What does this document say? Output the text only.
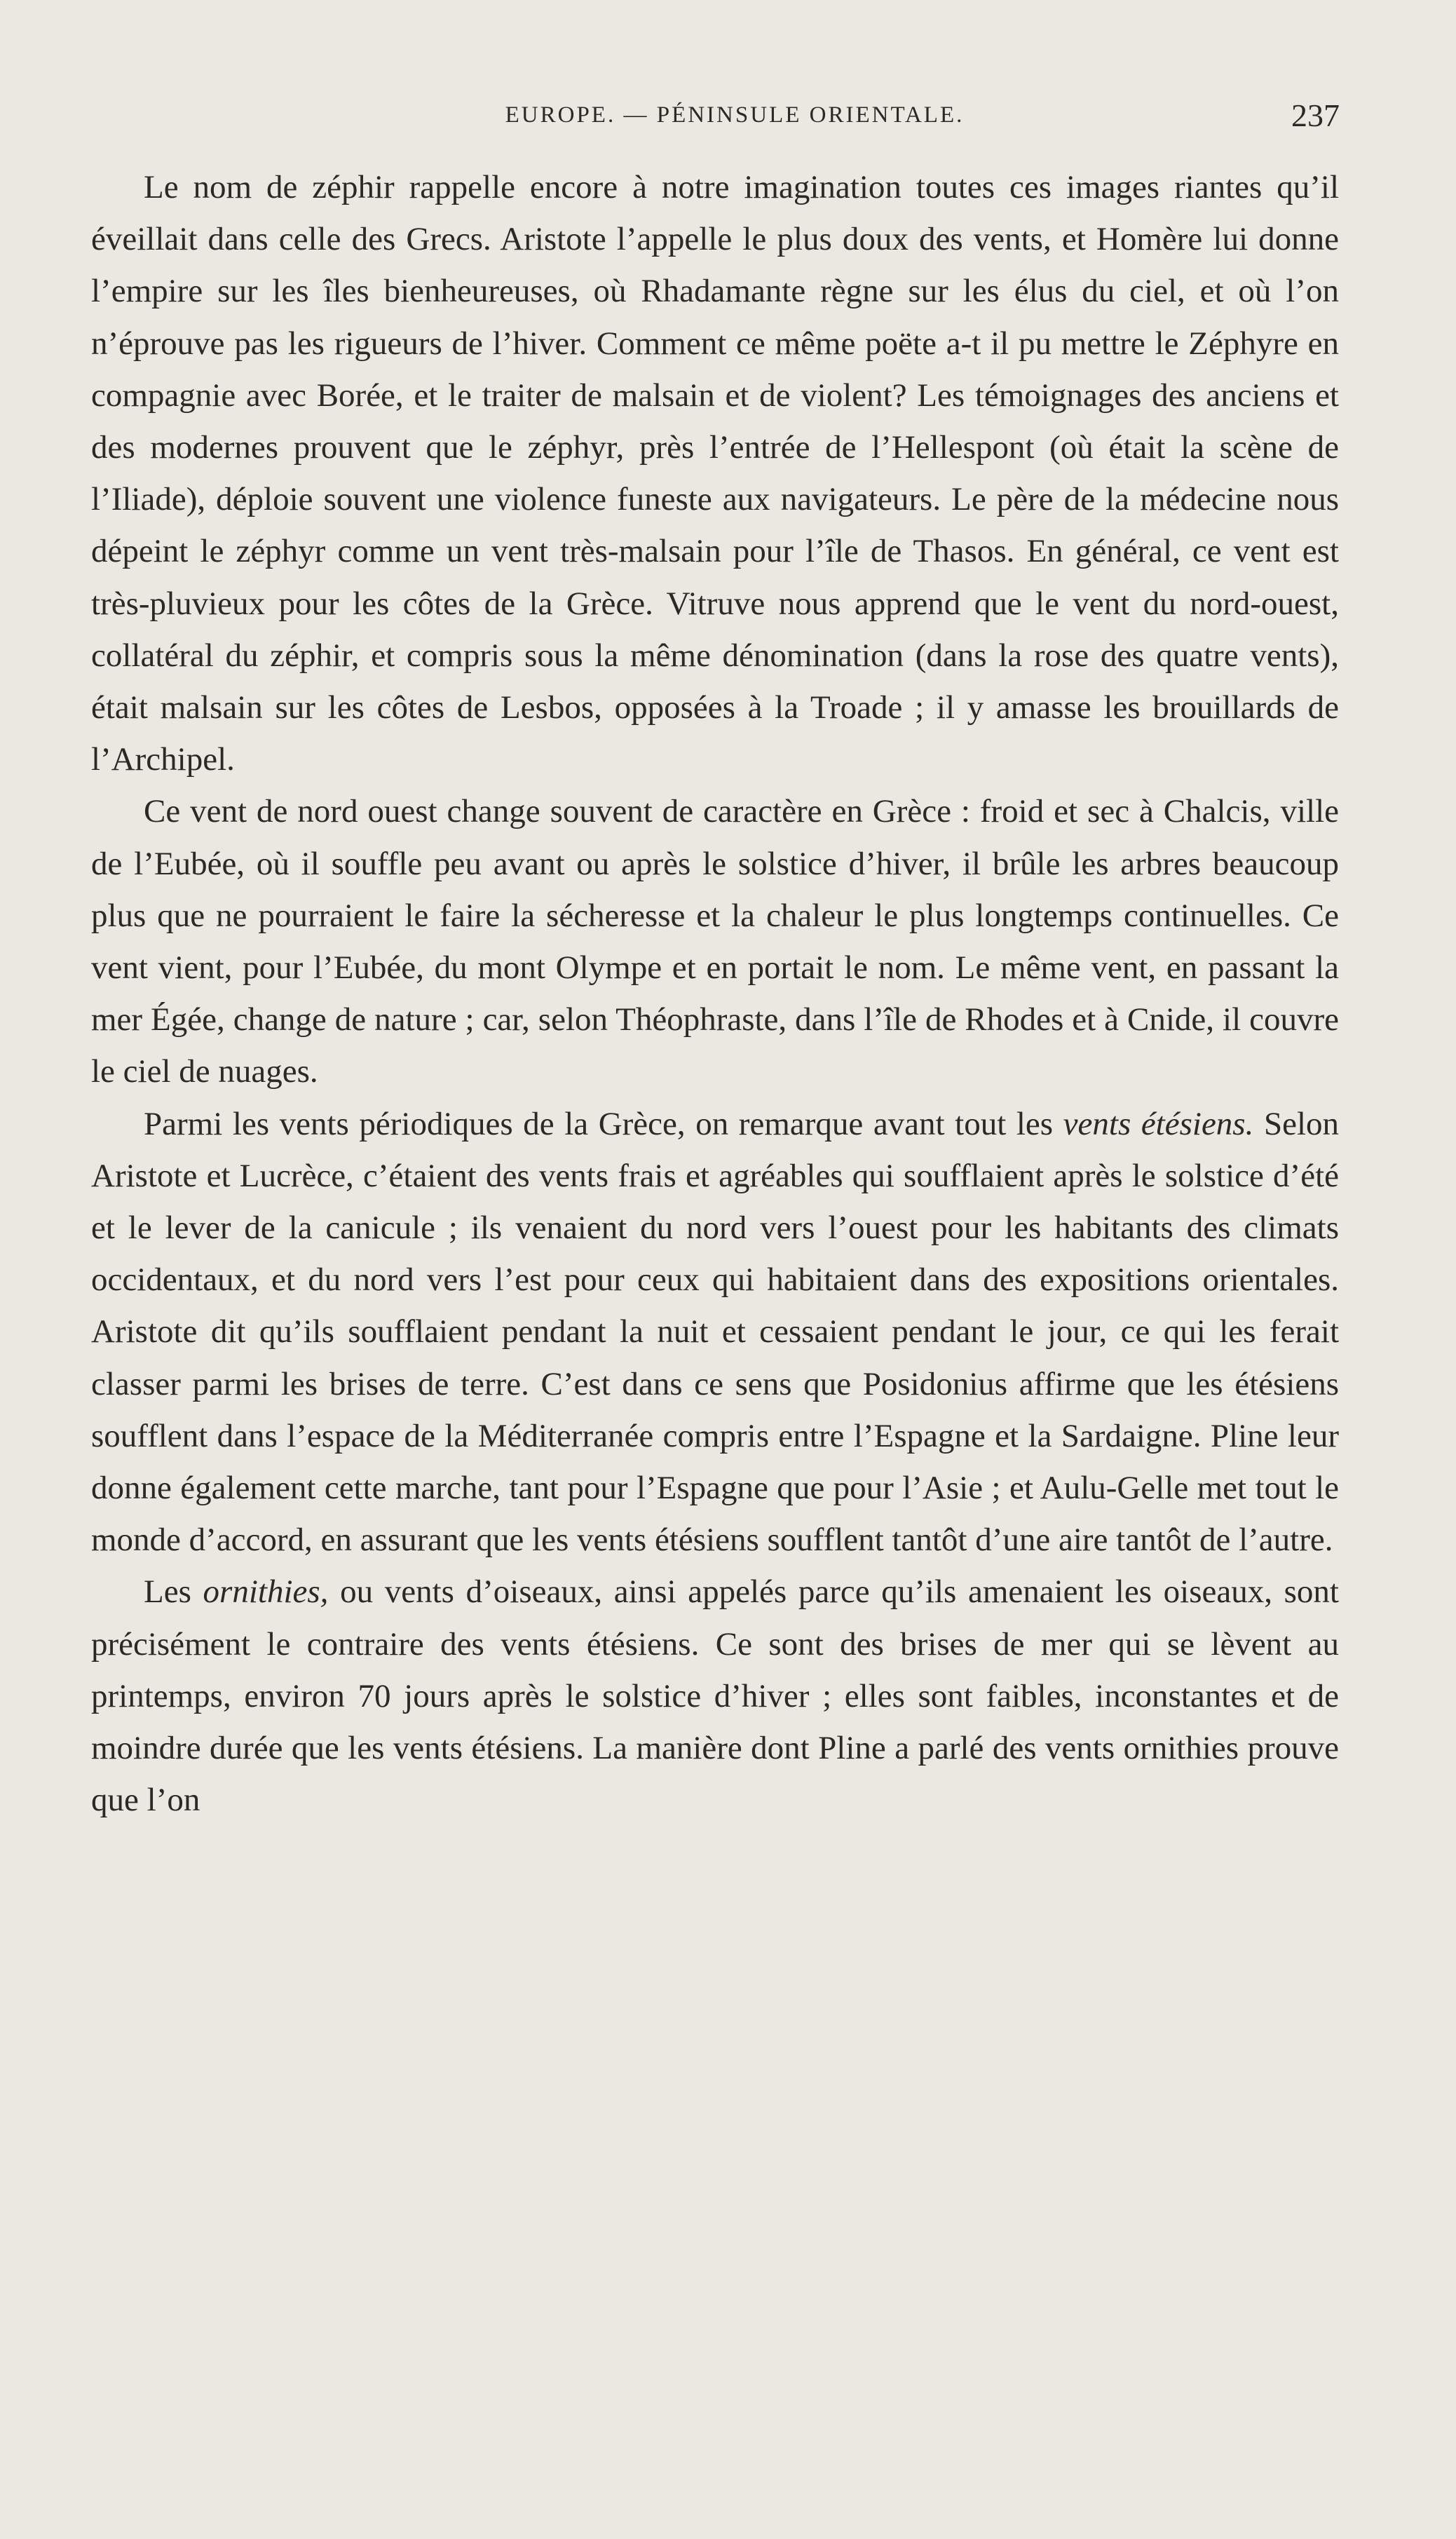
EUROPE. — PÉNINSULE ORIENTALE.	237

Le nom de zéphir rappelle encore à notre imagination toutes ces images riantes qu’il éveillait dans celle des Grecs. Aristote l’appelle le plus doux des vents, et Homère lui donne l’empire sur les îles bienheureuses, où Rhadamante règne sur les élus du ciel, et où l’on n’éprouve pas les rigueurs de l’hiver. Comment ce même poëte a-t il pu mettre le Zéphyre en compagnie avec Borée, et le traiter de malsain et de violent? Les témoignages des anciens et des modernes prouvent que le zéphyr, près l’entrée de l’Hellespont (où était la scène de l’Iliade), déploie souvent une violence funeste aux navigateurs. Le père de la médecine nous dépeint le zéphyr comme un vent très-malsain pour l’île de Thasos. En général, ce vent est très-pluvieux pour les côtes de la Grèce. Vitruve nous apprend que le vent du nord-ouest, collatéral du zéphir, et compris sous la même dénomination (dans la rose des quatre vents), était malsain sur les côtes de Lesbos, opposées à la Troade ; il y amasse les brouillards de l’Archipel.

Ce vent de nord ouest change souvent de caractère en Grèce : froid et sec à Chalcis, ville de l’Eubée, où il souffle peu avant ou après le solstice d’hiver, il brûle les arbres beaucoup plus que ne pourraient le faire la sécheresse et la chaleur le plus longtemps continuelles. Ce vent vient, pour l’Eubée, du mont Olympe et en portait le nom. Le même vent, en passant la mer Égée, change de nature ; car, selon Théophraste, dans l’île de Rhodes et à Cnide, il couvre le ciel de nuages.

Parmi les vents périodiques de la Grèce, on remarque avant tout les vents étésiens. Selon Aristote et Lucrèce, c’étaient des vents frais et agréables qui soufflaient après le solstice d’été et le lever de la canicule ; ils venaient du nord vers l’ouest pour les habitants des climats occidentaux, et du nord vers l’est pour ceux qui habitaient dans des expositions orientales. Aristote dit qu’ils soufflaient pendant la nuit et cessaient pendant le jour, ce qui les ferait classer parmi les brises de terre. C’est dans ce sens que Posidonius affirme que les étésiens soufflent dans l’espace de la Méditerranée compris entre l’Espagne et la Sardaigne. Pline leur donne également cette marche, tant pour l’Espagne que pour l’Asie ; et Aulu-Gelle met tout le monde d’accord, en assurant que les vents étésiens soufflent tantôt d’une aire tantôt de l’autre.

Les ornithies, ou vents d’oiseaux, ainsi appelés parce qu’ils amenaient les oiseaux, sont précisément le contraire des vents étésiens. Ce sont des brises de mer qui se lèvent au printemps, environ 70 jours après le solstice d’hiver ; elles sont faibles, inconstantes et de moindre durée que les vents étésiens. La manière dont Pline a parlé des vents ornithies prouve que l’on
